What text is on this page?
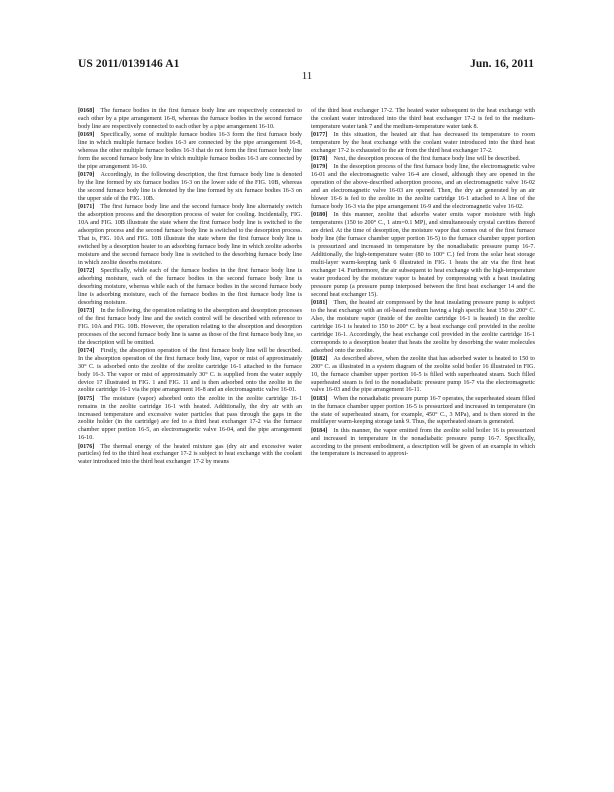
US 2011/0139146 A1	Jun. 16, 2011
11

[0168]  The furnace bodies in the first furnace body line are respectively connected to each other by a pipe arrangement 16-8, whereas the furnace bodies in the second furnace body line are respectively connected to each other by a pipe arrangement 16-10.

[0169]  Specifically, some of multiple furnace bodies 16-3 form the first furnace body line in which multiple furnace bodies 16-3 are connected by the pipe arrangement 16-8, whereas the other multiple furnace bodies 16-3 that do not form the first furnace body line form the second furnace body line in which multiple furnace bodies 16-3 are connected by the pipe arrangement 16-10.

[0170]  Accordingly, in the following description, the first furnace body line is denoted by the line formed by six furnace bodies 16-3 on the lower side of the FIG. 10B, whereas the second furnace body line is denoted by the line formed by six furnace bodies 16-3 on the upper side of the FIG. 10B.

[0171]  The first furnace body line and the second furnace body line alternately switch the adsorption process and the desorption process of water for cooling. Incidentally, FIG. 10A and FIG. 10B illustrate the state where the first furnace body line is switched to the adsorption process and the second furnace body line is switched to the desorption process. That is, FIG. 10A and FIG. 10B illustrate the state where the first furnace body line is switched by a desorption heater to an adsorbing furnace body line in which zeolite adsorbs moisture and the second furnace body line is switched to the desorbing furnace body line in which zeolite desorbs moisture.

[0172]  Specifically, while each of the furnace bodies in the first furnace body line is adsorbing moisture, each of the furnace bodies in the second furnace body line is desorbing moisture, whereas while each of the furnace bodies in the second furnace body line is adsorbing moisture, each of the furnace bodies in the first furnace body line is desorbing moisture.

[0173]  In the following, the operation relating to the absorption and desorption processes of the first furnace body line and the switch control will be described with reference to FIG. 10A and FIG. 10B. However, the operation relating to the absorption and desorption processes of the second furnace body line is same as those of the first furnace body line, so the description will be omitted.

[0174]  Firstly, the absorption operation of the first furnace body line will be described. In the absorption operation of the first furnace body line, vapor or mist of approximately 30° C. is adsorbed onto the zeolite of the zeolite cartridge 16-1 attached to the furnace body 16-3. The vapor or mist of approximately 30° C. is supplied from the water supply device 17 illustrated in FIG. 1 and FIG. 11 and is then adsorbed onto the zeolite in the zeolite cartridge 16-1 via the pipe arrangement 16-8 and an electromagnetic valve 16-01.

[0175]  The moisture (vapor) adsorbed onto the zeolite in the zeolite cartridge 16-1 remains in the zeolite cartridge 16-1 with heated. Additionally, the dry air with an increased temperature and excessive water particles that pass through the gaps in the zeolite holder (in the cartridge) are fed to a third heat exchanger 17-2 via the furnace chamber upper portion 16-5, an electromagnetic valve 16-04, and the pipe arrangement 16-10.

[0176]  The thermal energy of the heated mixture gas (dry air and excessive water particles) fed to the third heat exchanger 17-2 is subject to heat exchange with the coolant water introduced into the third heat exchanger 17-2 by means

of the third heat exchanger 17-2. The heated water subsequent to the heat exchange with the coolant water introduced into the third heat exchanger 17-2 is fed to the medium-temperature water tank 7 and the medium-temperature water tank 8.

[0177]  In this situation, the heated air that has decreased its temperature to room temperature by the heat exchange with the coolant water introduced into the third heat exchanger 17-2 is exhausted to the air from the third heat exchanger 17-2.

[0178]  Next, the desorption process of the first furnace body line will be described.

[0179]  In the desorption process of the first furnace body line, the electromagnetic valve 16-01 and the electromagnetic valve 16-4 are closed, although they are opened in the operation of the above-described adsorption process, and an electromagnetic valve 16-02 and an electromagnetic valve 16-03 are opened. Then, the dry air generated by an air blower 16-6 is fed to the zeolite in the zeolite cartridge 16-1 attached to A line of the furnace body 16-3 via the pipe arrangement 16-9 and the electromagnetic valve 16-02.

[0180]  In this manner, zeolite that adsorbs water emits vapor moisture with high temperatures (150 to 200° C., 1 atm=0.1 MP), and simultaneously crystal cavities thereof are dried. At the time of desorption, the moisture vapor that comes out of the first furnace body line (the furnace chamber upper portion 16-5) to the furnace chamber upper portion is pressurized and increased in temperature by the nonadiabatic pressure pump 16-7. Additionally, the high-temperature water (80 to 100° C.) fed from the solar heat storage multi-layer warm-keeping tank 6 illustrated in FIG. 1 heats the air via the first heat exchanger 14. Furthermore, the air subsequent to heat exchange with the high-temperature water produced by the moisture vapor is heated by compressing with a heat insulating pressure pump (a pressure pump interposed between the first heat exchanger 14 and the second heat exchanger 15).

[0181]  Then, the heated air compressed by the heat insulating pressure pump is subject to the heat exchange with an oil-based medium having a high specific heat 150 to 200° C. Also, the moisture vapor (inside of the zeolite cartridge 16-1 is heated) in the zeolite cartridge 16-1 is heated to 150 to 200° C. by a heat exchange coil provided in the zeolite cartridge 16-1. Accordingly, the heat exchange coil provided in the zeolite cartridge 16-1 corresponds to a desorption heater that heats the zeolite by desorbing the water molecules adsorbed onto the zeolite.

[0182]  As described above, when the zeolite that has adsorbed water is heated to 150 to 200° C. as illustrated in a system diagram of the zeolite solid boiler 16 illustrated in FIG. 10, the furnace chamber upper portion 16-5 is filled with superheated steam. Such filled superheated steam is fed to the nonadiabatic pressure pump 16-7 via the electromagnetic valve 16-03 and the pipe arrangement 16-11.

[0183]  When the nonadiabatic pressure pump 16-7 operates, the superheated steam filled in the furnace chamber upper portion 16-5 is pressurized and increased in temperature (in the state of superheated steam, for example, 450° C., 3 MPa), and is then stored in the multilayer warm-keeping storage tank 9. Thus, the superheated steam is generated.

[0184]  In this manner, the vapor emitted from the zeolite solid boiler 16 is pressurized and increased in temperature in the nonadiabatic pressure pump 16-7. Specifically, according to the present embodiment, a description will be given of an example in which the temperature is increased to approxi-
